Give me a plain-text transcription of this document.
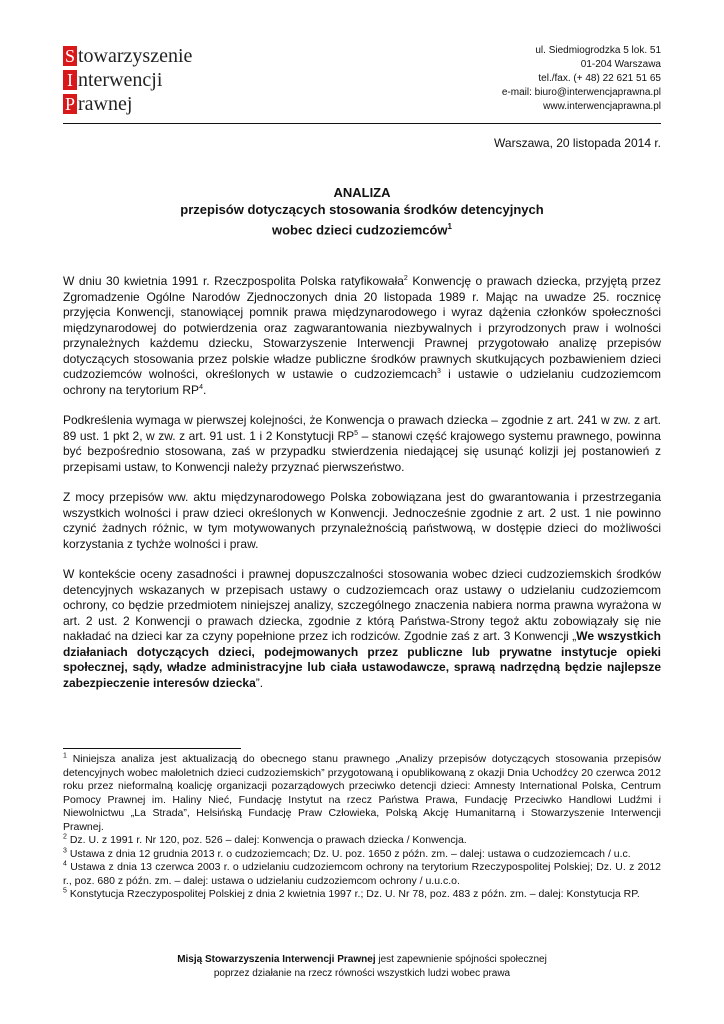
S towarzyszenie
I nterwencji
P rawnej
ul. Siedmiogrodzka 5 lok. 51
01-204 Warszawa
tel./fax. (+ 48) 22 621 51 65
e-mail: biuro@interwencjaprawna.pl
www.interwencjaprawna.pl
Warszawa, 20 listopada 2014 r.
ANALIZA
przepisów dotyczących stosowania środków detencyjnych
wobec dzieci cudzoziemców$^1$

W dniu 30 kwietnia 1991 r. Rzeczpospolita Polska ratyfikowała$^2$ Konwencję o prawach dziecka, przyjętą przez Zgromadzenie Ogólne Narodów Zjednoczonych dnia 20 listopada 1989 r. Mając na uwadze 25. rocznicę przyjęcia Konwencji, stanowiącej pomnik prawa międzynarodowego i wyraz dążenia członków społeczności międzynarodowej do potwierdzenia oraz zagwarantowania niezbywalnych i przyrodzonych praw i wolności przynależnych każdemu dziecku, Stowarzyszenie Interwencji Prawnej przygotowało analizę przepisów dotyczących stosowania przez polskie władze publiczne środków prawnych skutkujących pozbawieniem dzieci cudzoziemców wolności, określonych w ustawie o cudzoziemcach$^3$ i ustawie o udzielaniu cudzoziemcom ochrony na terytorium $RP^4$.

Podkreślenia wymaga w pierwszej kolejności, że Konwencja o prawach dziecka – zgodnie z art. 241 w zw. z art. 89 ust. 1 pkt 2, w zw. z art. 91 ust. 1 i 2 Konstytucji $RP^5$ – stanowi część krajowego systemu prawnego, powinna być bezpośrednio stosowana, zaś w przypadku stwierdzenia niedającej się usunąć kolizji jej postanowień z przepisami ustaw, to Konwencji należy przyznać pierwszeństwo.

Z mocy przepisów ww. aktu międzynarodowego Polska zobowiązana jest do gwarantowania i przestrzegania wszystkich wolności i praw dzieci określonych w Konwencji. Jednocześnie zgodnie z art. 2 ust. 1 nie powinno czynić żadnych różnic, w tym motywowanych przynależnością państwową, w dostępie dzieci do możliwości korzystania z tychże wolności i praw.

W kontekście oceny zasadności i prawnej dopuszczalności stosowania wobec dzieci cudzoziemskich środków detencyjnych wskazanych w przepisach ustawy o cudzoziemcach oraz ustawy o udzielaniu cudzoziemcom ochrony, co będzie przedmiotem niniejszej analizy, szczególnego znaczenia nabiera norma prawna wyrażona w art. 2 ust. 2 Konwencji o prawach dziecka, zgodnie z którą Państwa-Strony tegoż aktu zobowiązały się nie nakładać na dzieci kar za czyny popełnione przez ich rodziców. Zgodnie zaś z art. 3 Konwencji „We wszystkich działaniach dotyczących dzieci, podejmowanych przez publiczne lub prywatne instytucje opieki społecznej, sądy, władze administracyjne lub ciała ustawodawcze, sprawą nadrzędną będzie najlepsze zabezpieczenie interesów dziecka”.

$^1$ Niniejsza analiza jest aktualizacją do obecnego stanu prawnego „Analizy przepisów dotyczących stosowania przepisów detencyjnych wobec małoletnich dzieci cudzoziemskich” przygotowaną i opublikowaną z okazji Dnia Uchodźcy 20 czerwca 2012 roku przez nieformalną koalicję organizacji pozarządowych przeciwko detencji dzieci: Amnesty International Polska, Centrum Pomocy Prawnej im. Haliny Nieć, Fundację Instytut na rzecz Państwa Prawa, Fundację Przeciwko Handlowi Ludźmi i Niewolnictwu „La Strada”, Helsińską Fundację Praw Człowieka, Polską Akcję Humanitarną i Stowarzyszenie Interwencji Prawnej.
$^2$ Dz. U. z 1991 r. Nr 120, poz. 526 – dalej: Konwencja o prawach dziecka / Konwencja.
$^3$ Ustawa z dnia 12 grudnia 2013 r. o cudzoziemcach; Dz. U. poz. 1650 z późn. zm. – dalej: ustawa o cudzoziemcach / u.c.
$^4$ Ustawa z dnia 13 czerwca 2003 r. o udzielaniu cudzoziemcom ochrony na terytorium Rzeczypospolitej Polskiej; Dz. U. z 2012 r., poz. 680 z późn. zm. – dalej: ustawa o udzielaniu cudzoziemcom ochrony / u.u.c.o.
$^5$ Konstytucja Rzeczypospolitej Polskiej z dnia 2 kwietnia 1997 r.; Dz. U. Nr 78, poz. 483 z późn. zm. – dalej: Konstytucja RP.
Misją Stowarzyszenia Interwencji Prawnej jest zapewnienie spójności społecznej
poprzez działanie na rzecz równości wszystkich ludzi wobec prawa
